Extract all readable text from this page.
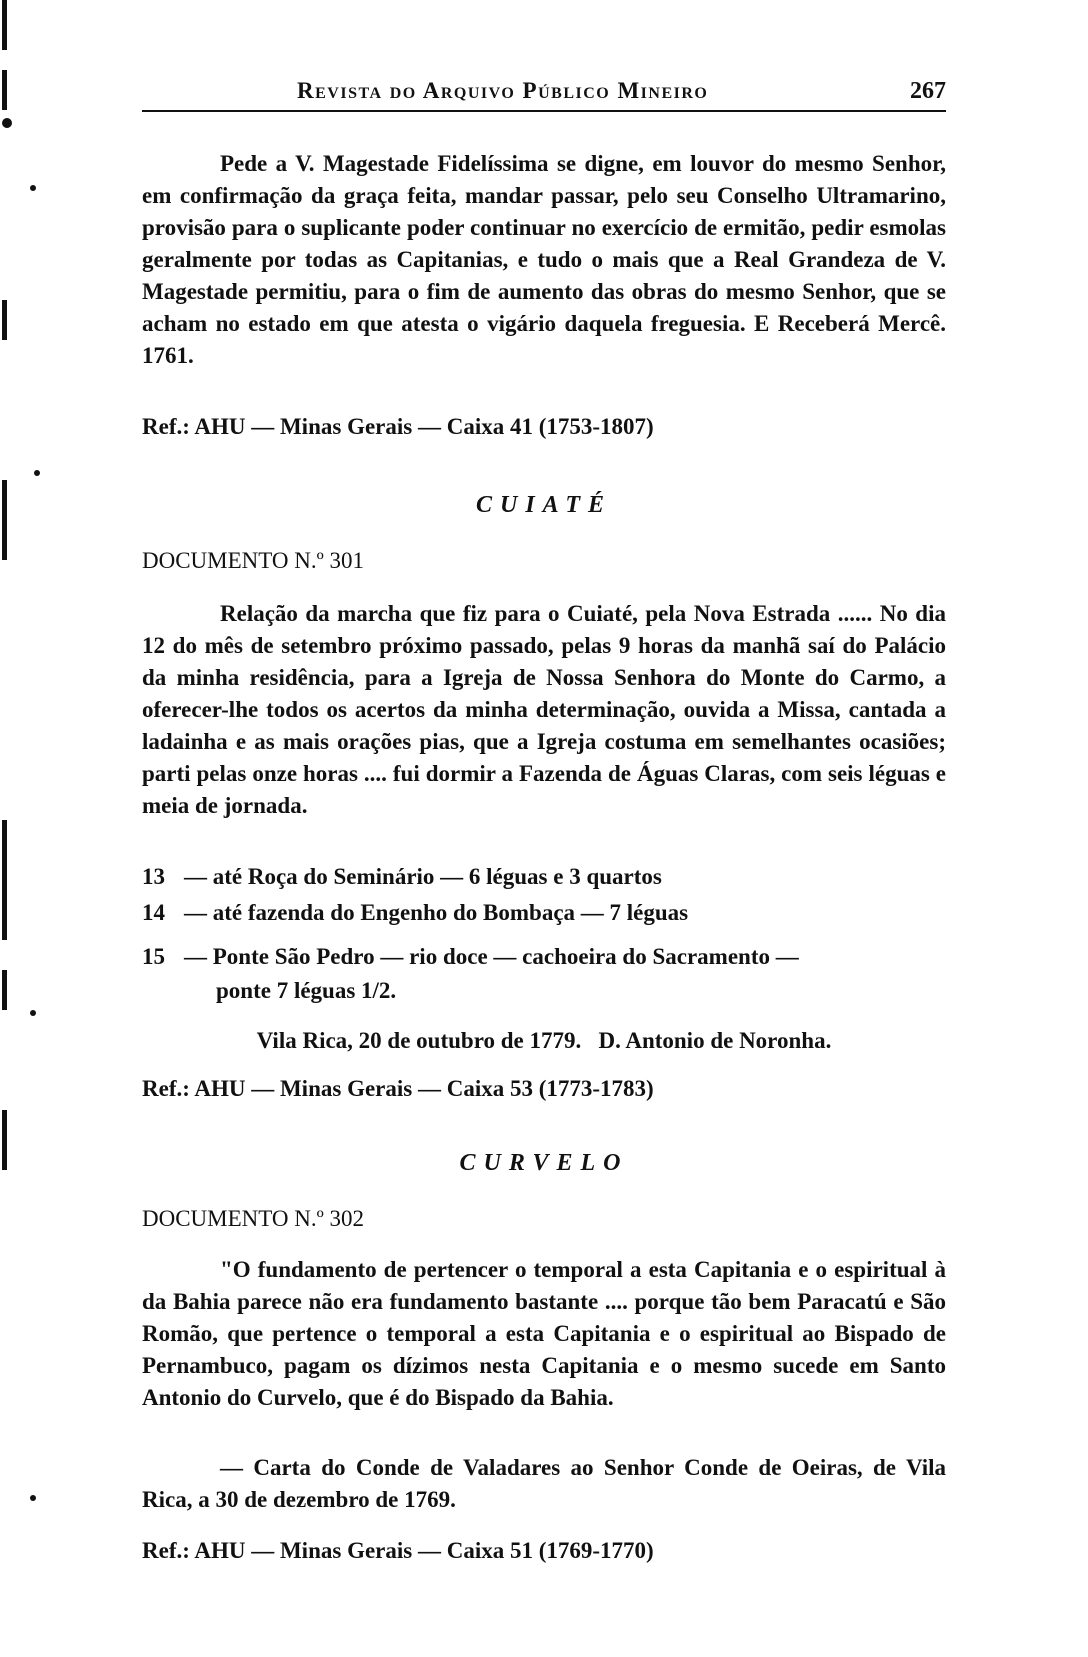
Revista do Arquivo Público Mineiro	267

Pede a V. Magestade Fidelíssima se digne, em louvor do mesmo Senhor, em confirmação da graça feita, mandar passar, pelo seu Conselho Ultramarino, provisão para o suplicante poder continuar no exercício de ermitão, pedir esmolas geralmente por todas as Capitanias, e tudo o mais que a Real Grandeza de V. Magestade permitiu, para o fim de aumento das obras do mesmo Senhor, que se acham no estado em que atesta o vigário daquela freguesia. E Receberá Mercê. 1761.

Ref.: AHU — Minas Gerais — Caixa 41 (1753-1807)
CUIATÉ
DOCUMENTO N.º 301

Relação da marcha que fiz para o Cuiaté, pela Nova Estrada ...... No dia 12 do mês de setembro próximo passado, pelas 9 horas da manhã saí do Palácio da minha residência, para a Igreja de Nossa Senhora do Monte do Carmo, a oferecer-lhe todos os acertos da minha determinação, ouvida a Missa, cantada a ladainha e as mais orações pias, que a Igreja costuma em semelhantes ocasiões; parti pelas onze horas .... fui dormir a Fazenda de Águas Claras, com seis léguas e meia de jornada.

13 — até Roça do Seminário — 6 léguas e 3 quartos
14 — até fazenda do Engenho do Bombaça — 7 léguas
15 — Ponte São Pedro — rio doce — cachoeira do Sacramento —
ponte 7 léguas 1/2.
Vila Rica, 20 de outubro de 1779.   D. Antonio de Noronha.
Ref.: AHU — Minas Gerais — Caixa 53 (1773-1783)
CURVELO
DOCUMENTO N.º 302

"O fundamento de pertencer o temporal a esta Capitania e o espiritual à da Bahia parece não era fundamento bastante .... porque tão bem Paracatú e São Romão, que pertence o temporal a esta Capitania e o espiritual ao Bispado de Pernambuco, pagam os dízimos nesta Capitania e o mesmo sucede em Santo Antonio do Curvelo, que é do Bispado da Bahia.

— Carta do Conde de Valadares ao Senhor Conde de Oeiras, de Vila Rica, a 30 de dezembro de 1769.

Ref.: AHU — Minas Gerais — Caixa 51 (1769-1770)
